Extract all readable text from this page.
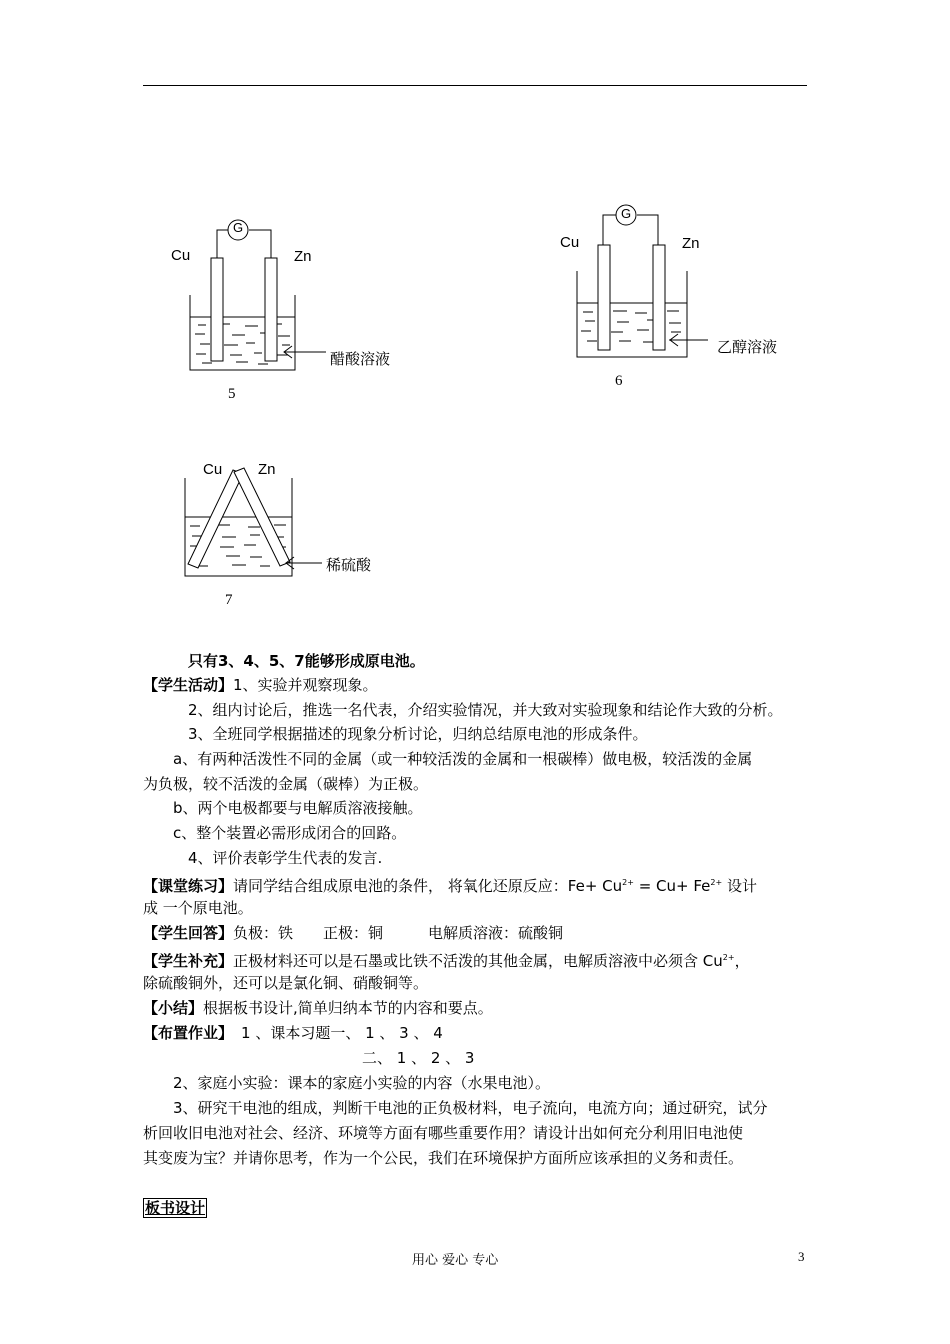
G
Cu	Zn
醋酸溶液
5
G
Cu	Zn
乙醇溶液
6
Cu Zn
稀硫酸
7
只有3、4、5、7能够形成原电池。
【学生活动】1、实验并观察现象。
2、组内讨论后，推选一名代表，介绍实验情况，并大致对实验现象和结论作大致的分析。
3、全班同学根据描述的现象分析讨论，归纳总结原电池的形成条件。
a、有两种活泼性不同的金属（或一种较活泼的金属和一根碳棒）做电极，较活泼的金属
为负极，较不活泼的金属（碳棒）为正极。
b、两个电极都要与电解质溶液接触。
c、整个装置必需形成闭合的回路。
4、评价表彰学生代表的发言.
【课堂练习】请同学结合组成原电池的条件， 将氧化还原反应：$Fe+ Cu^{2+} = Cu+ Fe^{2+}$ 设计
成 一个原电池。
【学生回答】负极：铁　　正极：铜　　　电解质溶液：硫酸铜
【学生补充】正极材料还可以是石墨或比铁不活泼的其他金属，电解质溶液中必须含 $Cu^{2+}$，
除硫酸铜外，还可以是氯化铜、硝酸铜等。
【小结】根据板书设计,简单归纳本节的内容和要点。
【布置作业】 1 、课本习题一、 1 、 3 、 4
二、 1 、 2 、 3
2、家庭小实验：课本的家庭小实验的内容（水果电池）。
3、研究干电池的组成，判断干电池的正负极材料，电子流向，电流方向；通过研究，试分
析回收旧电池对社会、经济、环境等方面有哪些重要作用？请设计出如何充分利用旧电池使
其变废为宝？并请你思考，作为一个公民，我们在环境保护方面所应该承担的义务和责任。
板书设计
用心 爱心 专心	3
